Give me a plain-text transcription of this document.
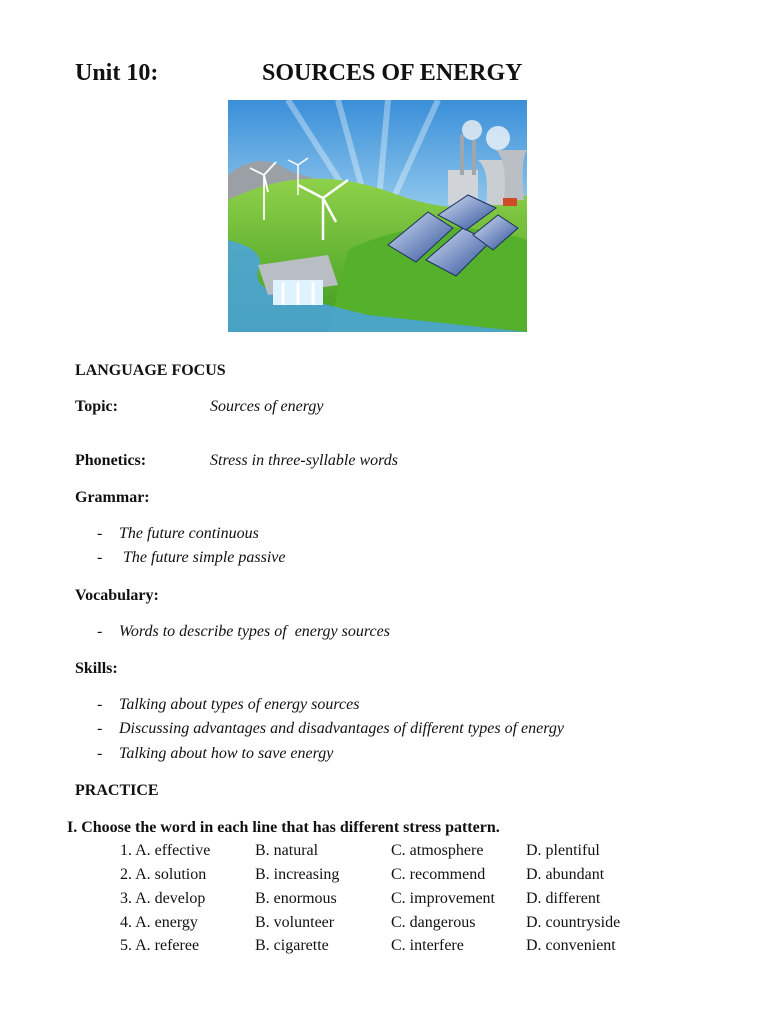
Unit 10:	SOURCES OF ENERGY
LANGUAGE FOCUS
Topic:	Sources of energy
Phonetics:	Stress in three-syllable words
Grammar:
- The future continuous
- The future simple passive
Vocabulary:
- Words to describe types of  energy sources
Skills:
- Talking about types of energy sources
- Discussing advantages and disadvantages of different types of energy
- Talking about how to save energy
PRACTICE
I. Choose the word in each line that has different stress pattern.
1. A. effective	B. natural	C. atmosphere	D. plentiful
2. A. solution	B. increasing	C. recommend	D. abundant
3. A. develop	B. enormous	C. improvement D. different
4. A. energy	B. volunteer	C. dangerous	D. countryside
5. A. referee	B. cigarette	C. interfere	D. convenient
